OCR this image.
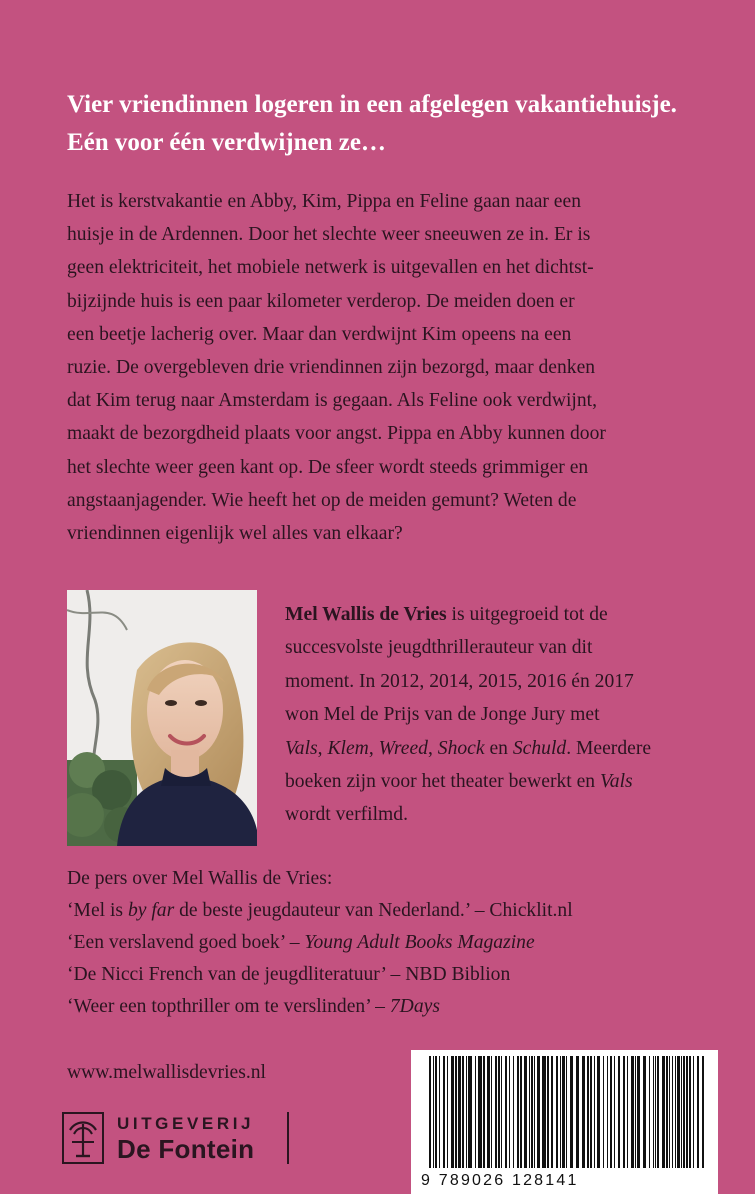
Vier vriendinnen logeren in een afgelegen vakantiehuisje.
Eén voor één verdwijnen ze…
Het is kerstvakantie en Abby, Kim, Pippa en Feline gaan naar een
huisje in de Ardennen. Door het slechte weer sneeuwen ze in. Er is
geen elektriciteit, het mobiele netwerk is uitgevallen en het dichtst-
bijzijnde huis is een paar kilometer verderop. De meiden doen er
een beetje lacherig over. Maar dan verdwijnt Kim opeens na een
ruzie. De overgebleven drie vriendinnen zijn bezorgd, maar denken
dat Kim terug naar Amsterdam is gegaan. Als Feline ook verdwijnt,
maakt de bezorgdheid plaats voor angst. Pippa en Abby kunnen door
het slechte weer geen kant op. De sfeer wordt steeds grimmiger en
angstaanjagender. Wie heeft het op de meiden gemunt? Weten de
vriendinnen eigenlijk wel alles van elkaar?
Mel Wallis de Vries is uitgegroeid tot de
succesvolste jeugdthrillerauteur van dit
moment. In 2012, 2014, 2015, 2016 én 2017
won Mel de Prijs van de Jonge Jury met
Vals, Klem, Wreed, Shock en Schuld. Meerdere
boeken zijn voor het theater bewerkt en Vals
wordt verfilmd.
De pers over Mel Wallis de Vries:
‘Mel is by far de beste jeugdauteur van Nederland.’ – Chicklit.nl
‘Een verslavend goed boek’ – Young Adult Books Magazine
‘De Nicci French van de jeugdliteratuur’ – NBD Biblion
‘Weer een topthriller om te verslinden’ – 7Days
www.melwallisdevries.nl
UITGEVERIJ
De Fontein
9 789026 128141
